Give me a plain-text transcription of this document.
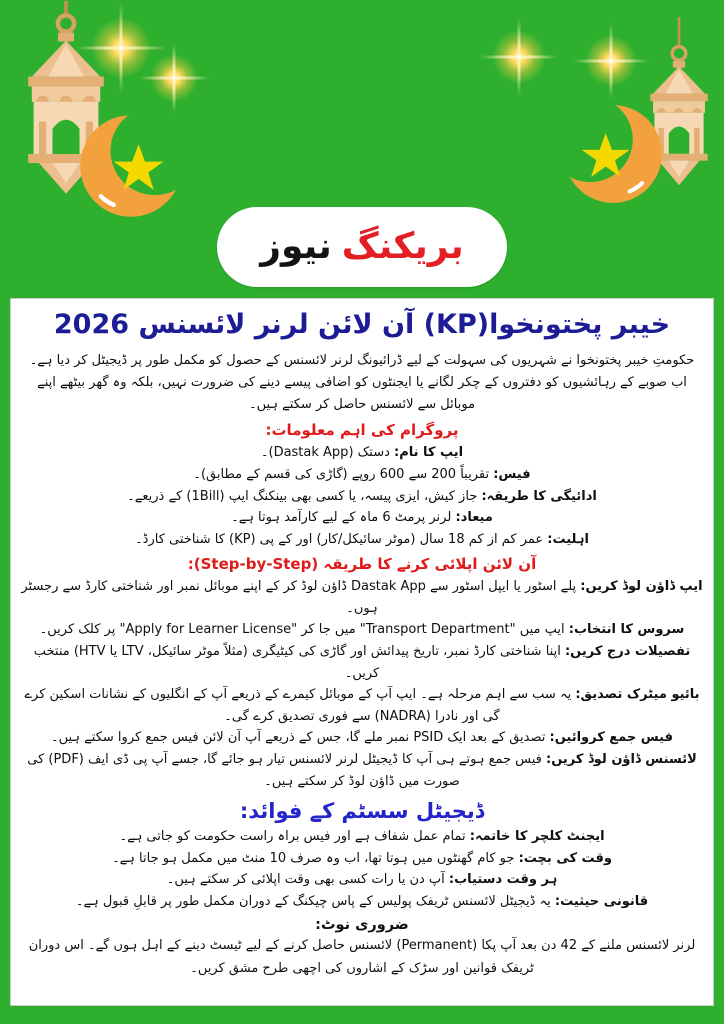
بریکنگ
نیوز
خیبر پختونخوا(KP) آن لائن لرنر لائسنس 2026
حکومتِ خیبر پختونخوا نے شہریوں کی سہولت کے لیے ڈرائیونگ لرنر لائسنس کے حصول کو مکمل طور پر ڈیجیٹل کر دیا ہے۔ اب صوبے کے رہائشیوں کو دفتروں کے چکر لگانے یا ایجنٹوں کو اضافی پیسے دینے کی ضرورت نہیں، بلکہ وہ گھر بیٹھے اپنے موبائل سے لائسنس حاصل کر سکتے ہیں۔
پروگرام کی اہم معلومات:
ایپ کا نام: دستک (Dastak App)۔
فیس: تقریباً 200 سے 600 روپے (گاڑی کی قسم کے مطابق)۔
ادائیگی کا طریقہ: جاز کیش، ایزی پیسہ، یا کسی بھی بینکنگ ایپ (1Bill) کے ذریعے۔
میعاد: لرنر پرمٹ 6 ماہ کے لیے کارآمد ہوتا ہے۔
اہلیت: عمر کم از کم 18 سال (موٹر سائیکل/کار) اور کے پی (KP) کا شناختی کارڈ۔
آن لائن اپلائی کرنے کا طریقہ (Step-by-Step):
ایپ ڈاؤن لوڈ کریں: پلے اسٹور یا ایپل اسٹور سے Dastak App ڈاؤن لوڈ کر کے اپنے موبائل نمبر اور شناختی کارڈ سے رجسٹر ہوں۔
سروس کا انتخاب: ایپ میں "Transport Department" میں جا کر "Apply for Learner License" پر کلک کریں۔
تفصیلات درج کریں: اپنا شناختی کارڈ نمبر، تاریخ پیدائش اور گاڑی کی کیٹیگری (مثلاً موٹر سائیکل، LTV یا HTV) منتخب کریں۔
بائیو میٹرک تصدیق: یہ سب سے اہم مرحلہ ہے۔ ایپ آپ کے موبائل کیمرے کے ذریعے آپ کے انگلیوں کے نشانات اسکین کرے گی اور نادرا (NADRA) سے فوری تصدیق کرے گی۔
فیس جمع کروائیں: تصدیق کے بعد ایک PSID نمبر ملے گا، جس کے ذریعے آپ آن لائن فیس جمع کروا سکتے ہیں۔
لائسنس ڈاؤن لوڈ کریں: فیس جمع ہوتے ہی آپ کا ڈیجیٹل لرنر لائسنس تیار ہو جائے گا، جسے آپ پی ڈی ایف (PDF) کی صورت میں ڈاؤن لوڈ کر سکتے ہیں۔
ڈیجیٹل سسٹم کے فوائد:
ایجنٹ کلچر کا خاتمہ: تمام عمل شفاف ہے اور فیس براہ راست حکومت کو جاتی ہے۔
وقت کی بچت: جو کام گھنٹوں میں ہوتا تھا، اب وہ صرف 10 منٹ میں مکمل ہو جاتا ہے۔
ہر وقت دستیاب: آپ دن یا رات کسی بھی وقت اپلائی کر سکتے ہیں۔
قانونی حیثیت: یہ ڈیجیٹل لائسنس ٹریفک پولیس کے پاس چیکنگ کے دوران مکمل طور پر قابلِ قبول ہے۔
ضروری نوٹ:
لرنر لائسنس ملنے کے 42 دن بعد آپ پکا (Permanent) لائسنس حاصل کرنے کے لیے ٹیسٹ دینے کے اہل ہوں گے۔ اس دوران ٹریفک قوانین اور سڑک کے اشاروں کی اچھی طرح مشق کریں۔
